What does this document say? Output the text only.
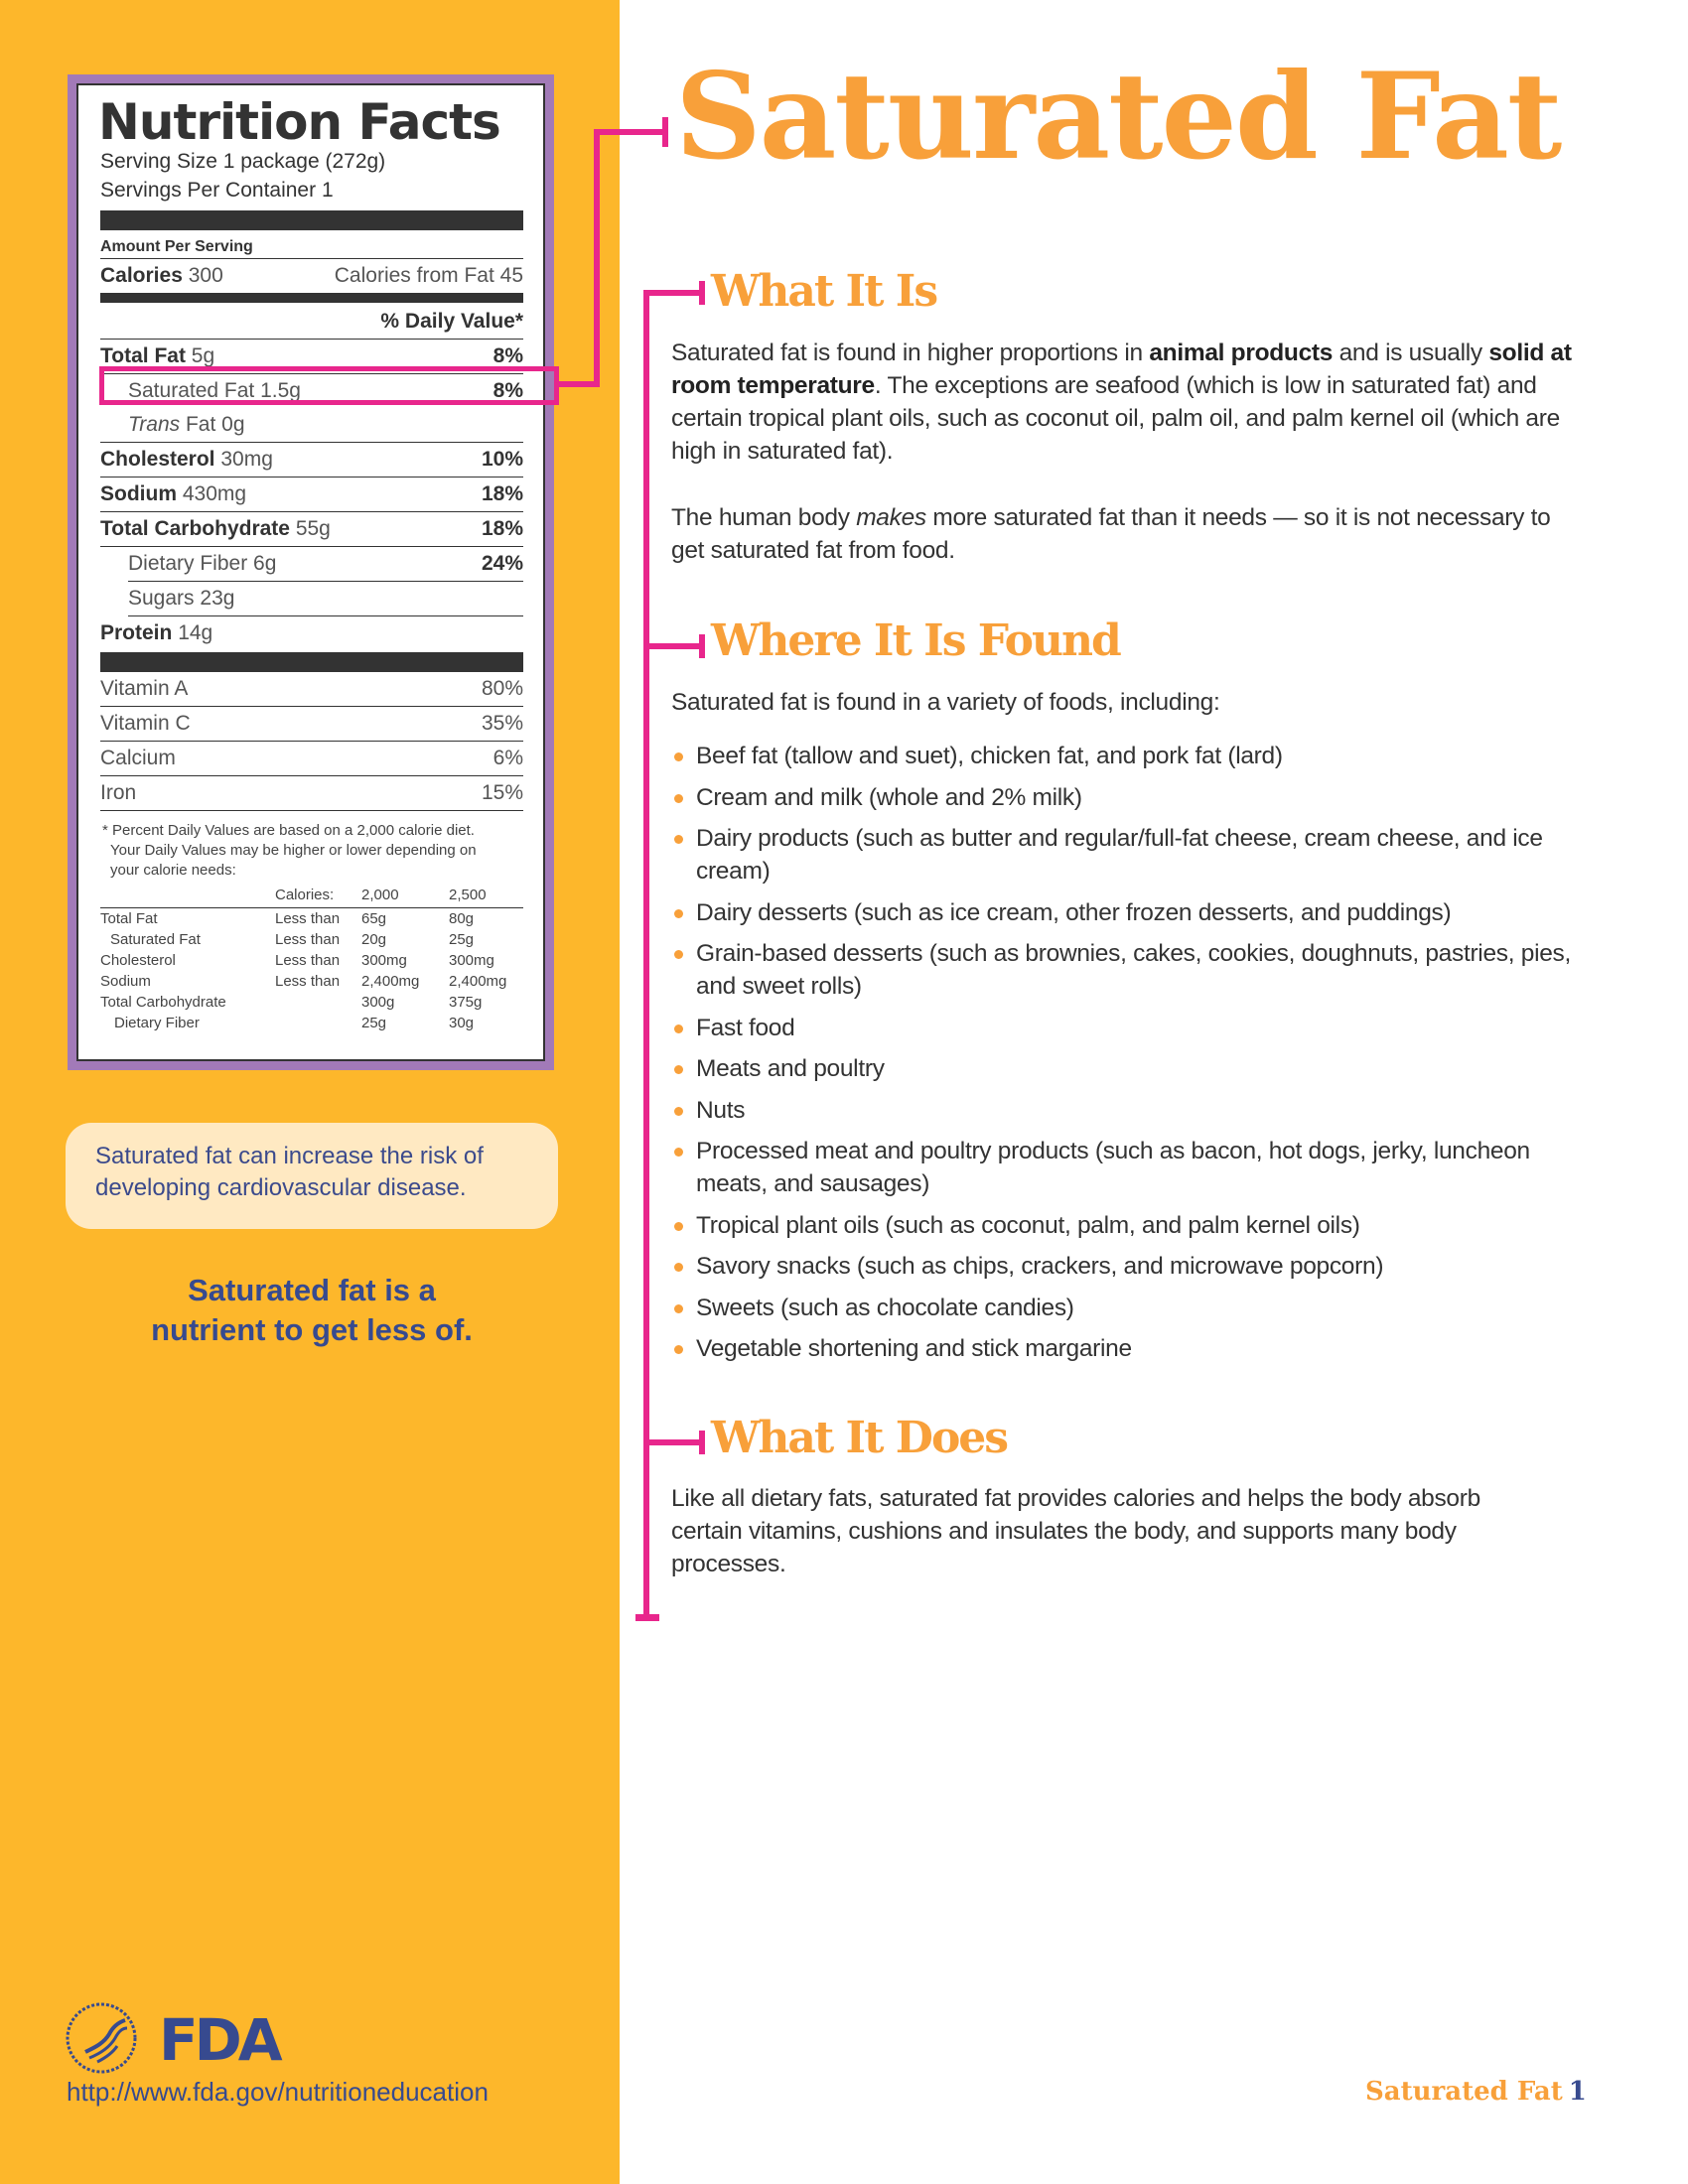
Nutrition Facts
Serving Size 1 package (272g)
Servings Per Container 1
Amount Per Serving
Calories 300	Calories from Fat 45
% Daily Value*
Total Fat 5g	8%
Saturated Fat 1.5g	8%
Trans Fat 0g
Cholesterol 30mg	10%
Sodium 430mg	18%
Total Carbohydrate 55g	18%
Dietary Fiber 6g	24%
Sugars 23g
Protein 14g
Vitamin A	80%
Vitamin C	35%
Calcium	6%
Iron	15%
* Percent Daily Values are based on a 2,000 calorie diet.
Your Daily Values may be higher or lower depending on
your calorie needs:
	Calories:	2,000	2,500
Total Fat	Less than	65g	80g
Saturated Fat	Less than	20g	25g
Cholesterol	Less than	300mg	300mg
Sodium	Less than	2,400mg	2,400mg
Total Carbohydrate		300g	375g
Dietary Fiber		25g	30g
Saturated fat can increase the risk of developing cardiovascular disease.
Saturated fat is a
nutrient to get less of.
FDA
http://www.fda.gov/nutritioneducation
Saturated Fat
What It Is
Saturated fat is found in higher proportions in animal products and is usually solid at room temperature. The exceptions are seafood (which is low in saturated fat) and certain tropical plant oils, such as coconut oil, palm oil, and palm kernel oil (which are high in saturated fat).
The human body makes more saturated fat than it needs — so it is not necessary to get saturated fat from food.
Where It Is Found
Saturated fat is found in a variety of foods, including:
Beef fat (tallow and suet), chicken fat, and pork fat (lard)
Cream and milk (whole and 2% milk)
Dairy products (such as butter and regular/full-fat cheese, cream cheese, and ice cream)
Dairy desserts (such as ice cream, other frozen desserts, and puddings)
Grain-based desserts (such as brownies, cakes, cookies, doughnuts, pastries, pies, and sweet rolls)
Fast food
Meats and poultry
Nuts
Processed meat and poultry products (such as bacon, hot dogs, jerky, luncheon meats, and sausages)
Tropical plant oils (such as coconut, palm, and palm kernel oils)
Savory snacks (such as chips, crackers, and microwave popcorn)
Sweets (such as chocolate candies)
Vegetable shortening and stick margarine
What It Does
Like all dietary fats, saturated fat provides calories and helps the body absorb certain vitamins, cushions and insulates the body, and supports many body processes.
Saturated Fat 1
